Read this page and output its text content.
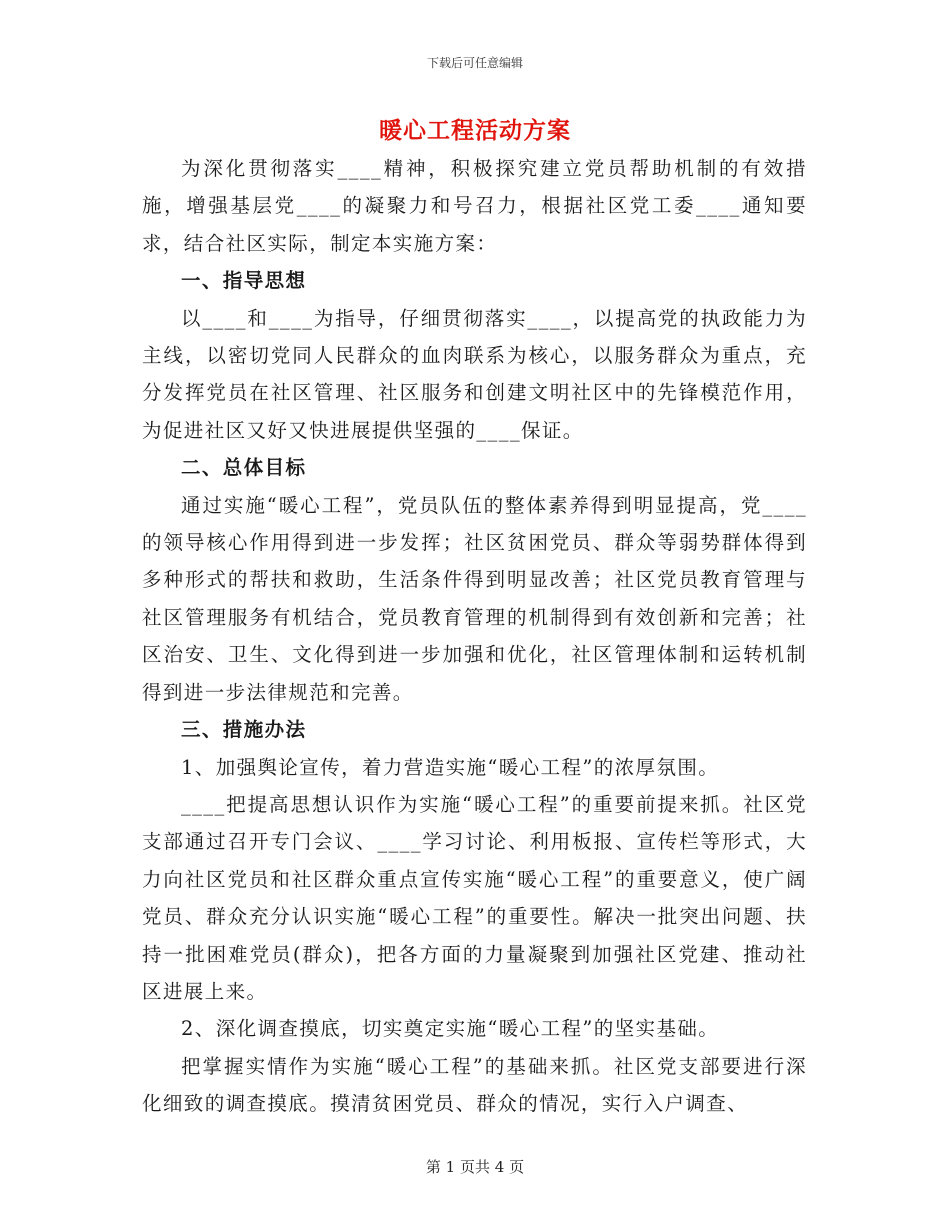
下载后可任意编辑
暖心工程活动方案

为深化贯彻落实____精神，积极探究建立党员帮助机制的有效措施，增强基层党____的凝聚力和号召力，根据社区党工委____通知要求，结合社区实际，制定本实施方案：

一、指导思想

以____和____为指导，仔细贯彻落实____，以提高党的执政能力为主线，以密切党同人民群众的血肉联系为核心，以服务群众为重点，充分发挥党员在社区管理、社区服务和创建文明社区中的先锋模范作用，为促进社区又好又快进展提供坚强的____保证。

二、总体目标

通过实施“暖心工程”，党员队伍的整体素养得到明显提高，党____的领导核心作用得到进一步发挥；社区贫困党员、群众等弱势群体得到多种形式的帮扶和救助，生活条件得到明显改善；社区党员教育管理与社区管理服务有机结合，党员教育管理的机制得到有效创新和完善；社区治安、卫生、文化得到进一步加强和优化，社区管理体制和运转机制得到进一步法律规范和完善。

三、措施办法

1、加强舆论宣传，着力营造实施“暖心工程”的浓厚氛围。

____把提高思想认识作为实施“暖心工程”的重要前提来抓。社区党支部通过召开专门会议、____学习讨论、利用板报、宣传栏等形式，大力向社区党员和社区群众重点宣传实施“暖心工程”的重要意义，使广阔党员、群众充分认识实施“暖心工程”的重要性。解决一批突出问题、扶持一批困难党员(群众)，把各方面的力量凝聚到加强社区党建、推动社区进展上来。

2、深化调查摸底，切实奠定实施“暖心工程”的坚实基础。

把掌握实情作为实施“暖心工程”的基础来抓。社区党支部要进行深化细致的调查摸底。摸清贫困党员、群众的情况，实行入户调查、

第 1 页共 4 页
